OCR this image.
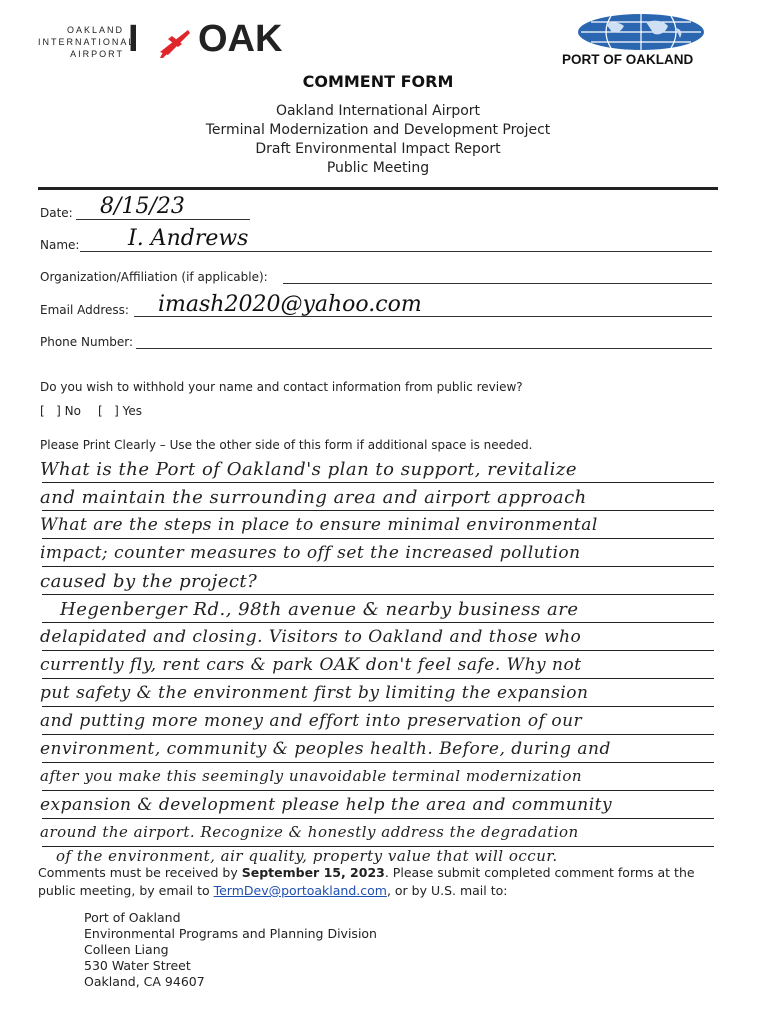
OAKLAND
INTERNATIONAL
AIRPORT I OAK	PORT OF OAKLAND
COMMENT FORM
Oakland International Airport
Terminal Modernization and Development Project
Draft Environmental Impact Report
Public Meeting
Date: 8/15/23
Name: I. Andrews
Organization/Affiliation (if applicable):
Email Address: imash2020@yahoo.com
Phone Number:
Do you wish to withhold your name and contact information from public review?
[   ] No [   ] Yes
Please Print Clearly – Use the other side of this form if additional space is needed.
What is the Port of Oakland's plan to support, revitalize
and maintain the surrounding area and airport approach
What are the steps in place to ensure minimal environmental
impact; counter measures to off set the increased pollution
caused by the project?
Hegenberger Rd., 98th avenue & nearby business are
delapidated and closing. Visitors to Oakland and those who
currently fly, rent cars & park OAK don't feel safe. Why not
put safety & the environment first by limiting the expansion
and putting more money and effort into preservation of our
environment, community & peoples health. Before, during and
after you make this seemingly unavoidable terminal modernization
expansion & development please help the area and community
around the airport. Recognize & honestly address the degradation
of the environment, air quality, property value that will occur.
Comments must be received by September 15, 2023. Please submit completed comment forms at the
public meeting, by email to TermDev@portoakland.com, or by U.S. mail to:
Port of Oakland
Environmental Programs and Planning Division
Colleen Liang
530 Water Street
Oakland, CA 94607
